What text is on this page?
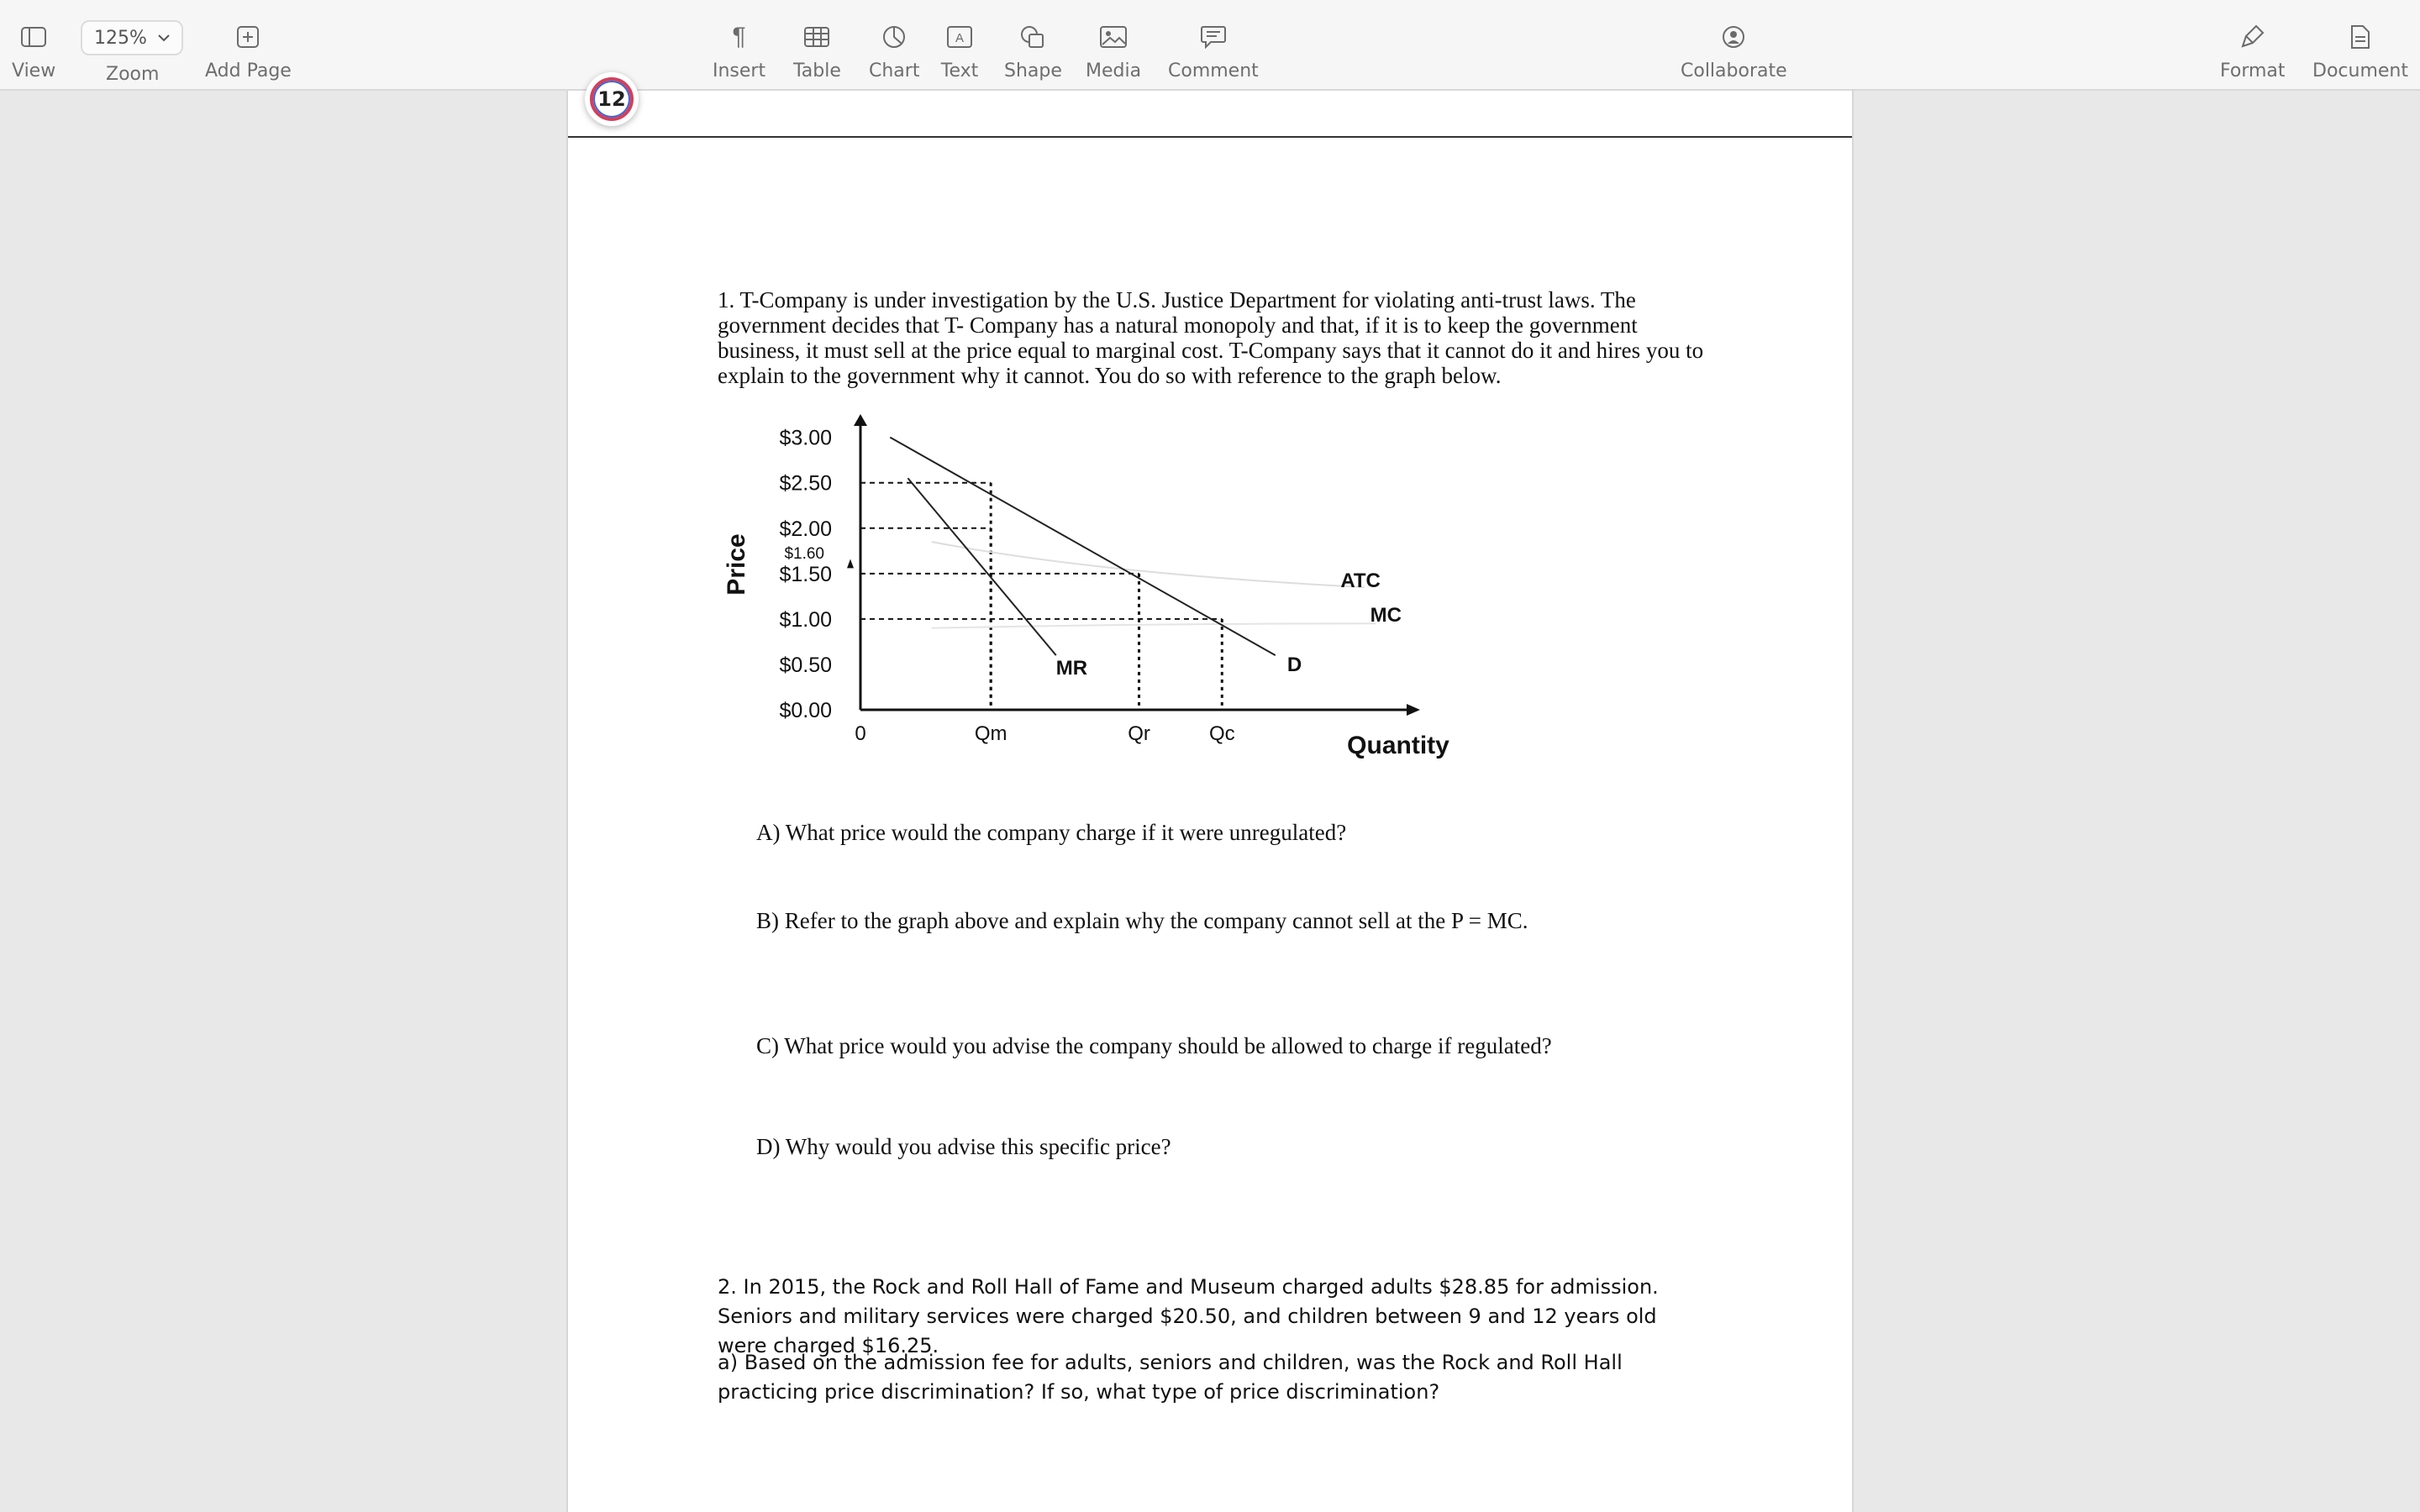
View
125%
Zoom Add Page
¶
Insert Table Chart
A
Text Shape Media Comment	Collaborate	Format Document
12
1. T-Company is under investigation by the U.S. Justice Department for violating anti-trust laws. The government decides that T- Company has a natural monopoly and that, if it is to keep the government business, it must sell at the price equal to marginal cost. T-Company says that it cannot do it and hires you to explain to the government why it cannot. You do so with reference to the graph below.
$3.00
$2.50
$2.00
$1.50
$1.00
$0.50
$0.00
$1.60
0	Qm	Qr	Qc	Quantity
Price
D
MR
ATC
MC
A) What price would the company charge if it were unregulated?
B) Refer to the graph above and explain why the company cannot sell at the P = MC.
C) What price would you advise the company should be allowed to charge if regulated?
D) Why would you advise this specific price?
2. In 2015, the Rock and Roll Hall of Fame and Museum charged adults $28.85 for admission. Seniors and military services were charged $20.50, and children between 9 and 12 years old were charged $16.25.
a) Based on the admission fee for adults, seniors and children, was the Rock and Roll Hall practicing price discrimination? If so, what type of price discrimination?
